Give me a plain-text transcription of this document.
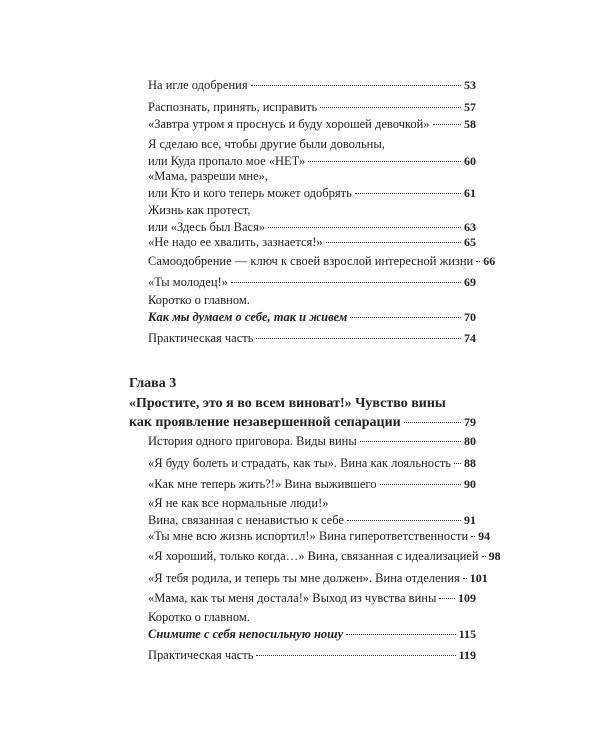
На игле одобрения	53
Распознать, принять, исправить	57
«Завтра утром я проснусь и буду хорошей девочкой»	58
Я сделаю все, чтобы другие были довольны,
или Куда пропало мое «НЕТ»	60
«Мама, разреши мне»,
или Кто и кого теперь может одобрять	61
Жизнь как протест,
или «Здесь был Вася»	63
«Не надо ее хвалить, зазнается!»	65
Самоодобрение — ключ к своей взрослой интересной жизни 66
«Ты молодец!»	69
Коротко о главном.
Как мы думаем о себе, так и живем	70
Практическая часть	74
Глава 3
«Простите, это я во всем виноват!» Чувство вины
как проявление незавершенной сепарации	79
История одного приговора. Виды вины	80
«Я буду болеть и страдать, как ты». Вина как лояльность 88
«Как мне теперь жить?!» Вина выжившего	90
«Я не как все нормальные люди!»
Вина, связанная с ненавистью к себе	91
«Ты мне всю жизнь испортил!» Вина гиперответственности 94
«Я хороший, только когда…» Вина, связанная с идеализацией 98
«Я тебя родила, и теперь ты мне должен». Вина отделения 101
«Мама, как ты меня достала!» Выход из чувства вины 109
Коротко о главном.
Снимите с себя непосильную ношу	115
Практическая часть	119
